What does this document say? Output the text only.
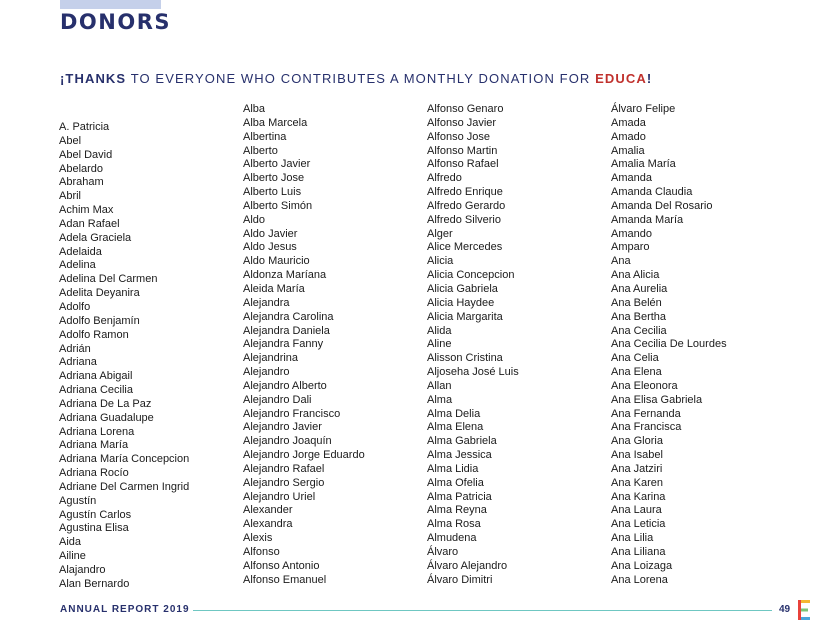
DONORS
¡THANKS TO EVERYONE WHO CONTRIBUTES A MONTHLY DONATION FOR EDUCA!
A. Patricia
Abel
Abel David
Abelardo
Abraham
Abril
Achim Max
Adan Rafael
Adela Graciela
Adelaida
Adelina
Adelina Del Carmen
Adelita Deyanira
Adolfo
Adolfo Benjamín
Adolfo Ramon
Adrián
Adriana
Adriana Abigail
Adriana Cecilia
Adriana De La Paz
Adriana Guadalupe
Adriana Lorena
Adriana María
Adriana María Concepcion
Adriana Rocío
Adriane Del Carmen Ingrid
Agustín
Agustín Carlos
Agustina Elisa
Aida
Ailine
Alajandro
Alan Bernardo
Alba
Alba Marcela
Albertina
Alberto
Alberto Javier
Alberto Jose
Alberto Luis
Alberto Simón
Aldo
Aldo Javier
Aldo Jesus
Aldo Mauricio
Aldonza Maríana
Aleida María
Alejandra
Alejandra Carolina
Alejandra Daniela
Alejandra Fanny
Alejandrina
Alejandro
Alejandro Alberto
Alejandro Dali
Alejandro Francisco
Alejandro Javier
Alejandro Joaquín
Alejandro Jorge Eduardo
Alejandro Rafael
Alejandro Sergio
Alejandro Uriel
Alexander
Alexandra
Alexis
Alfonso
Alfonso Antonio
Alfonso Emanuel
Alfonso Genaro
Alfonso Javier
Alfonso Jose
Alfonso Martin
Alfonso Rafael
Alfredo
Alfredo Enrique
Alfredo Gerardo
Alfredo Silverio
Alger
Alice Mercedes
Alicia
Alicia Concepcion
Alicia Gabriela
Alicia Haydee
Alicia Margarita
Alida
Aline
Alisson Cristina
Aljoseha José Luis
Allan
Alma
Alma Delia
Alma Elena
Alma Gabriela
Alma Jessica
Alma Lidia
Alma Ofelia
Alma Patricia
Alma Reyna
Alma Rosa
Almudena
Álvaro
Álvaro Alejandro
Álvaro Dimitri
Álvaro Felipe
Amada
Amado
Amalia
Amalia María
Amanda
Amanda Claudia
Amanda Del Rosario
Amanda María
Amando
Amparo
Ana
Ana Alicia
Ana Aurelia
Ana Belén
Ana Bertha
Ana Cecilia
Ana Cecilia De Lourdes
Ana Celia
Ana Elena
Ana Eleonora
Ana Elisa Gabriela
Ana Fernanda
Ana Francisca
Ana Gloria
Ana Isabel
Ana Jatziri
Ana Karen
Ana Karina
Ana Laura
Ana Leticia
Ana Lilia
Ana Liliana
Ana Loizaga
Ana Lorena
ANNUAL REPORT 2019	49
